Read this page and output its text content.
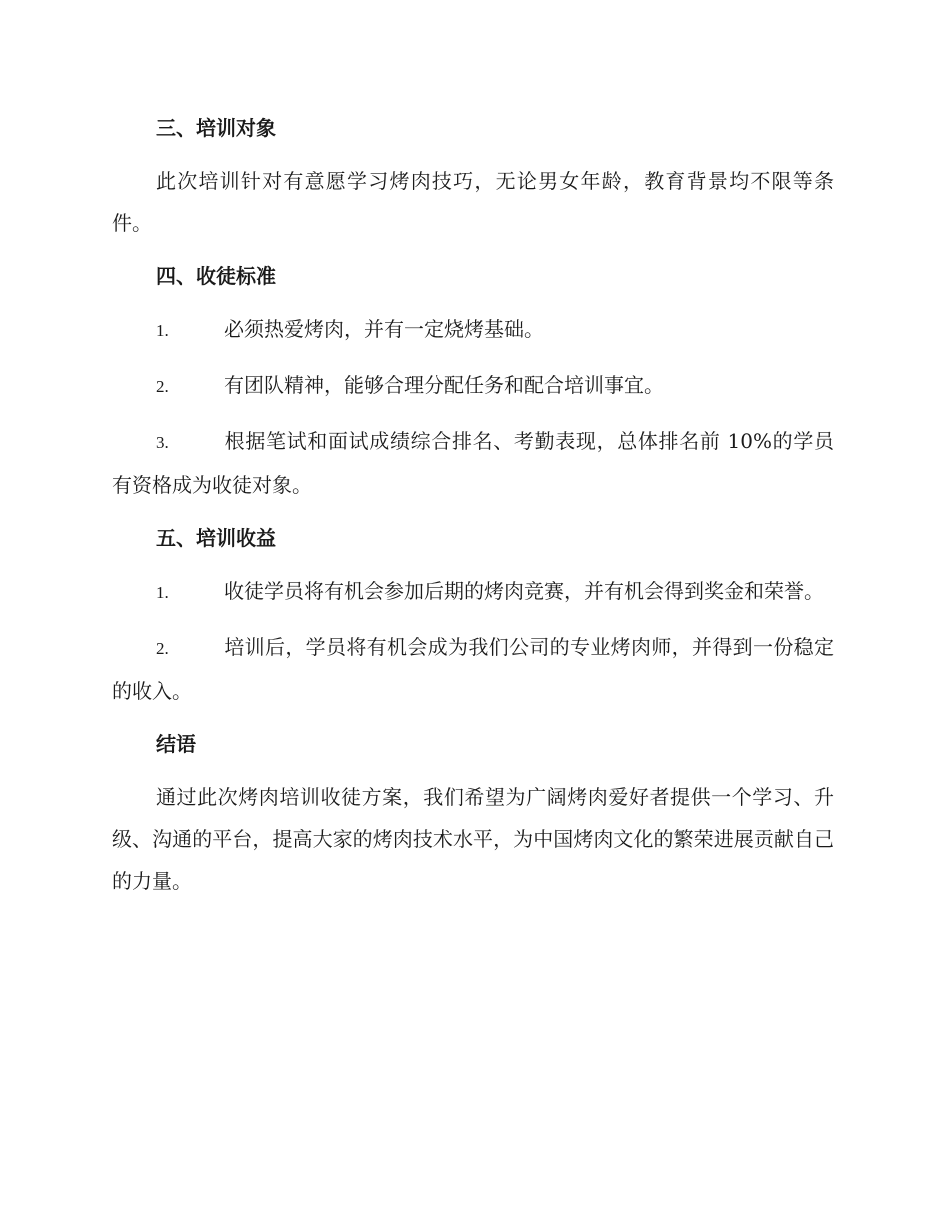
三、培训对象

此次培训针对有意愿学习烤肉技巧，无论男女年龄，教育背景均不限等条件。

四、收徒标准
1.	必须热爱烤肉，并有一定烧烤基础。
2.	有团队精神，能够合理分配任务和配合培训事宜。
3.	根据笔试和面试成绩综合排名、考勤表现，总体排名前 10%的学员有资格成为收徒对象。
五、培训收益
1.	收徒学员将有机会参加后期的烤肉竞赛，并有机会得到奖金和荣誉。
2.	培训后，学员将有机会成为我们公司的专业烤肉师，并得到一份稳定的收入。
结语

通过此次烤肉培训收徒方案，我们希望为广阔烤肉爱好者提供一个学习、升级、沟通的平台，提高大家的烤肉技术水平，为中国烤肉文化的繁荣进展贡献自己的力量。
